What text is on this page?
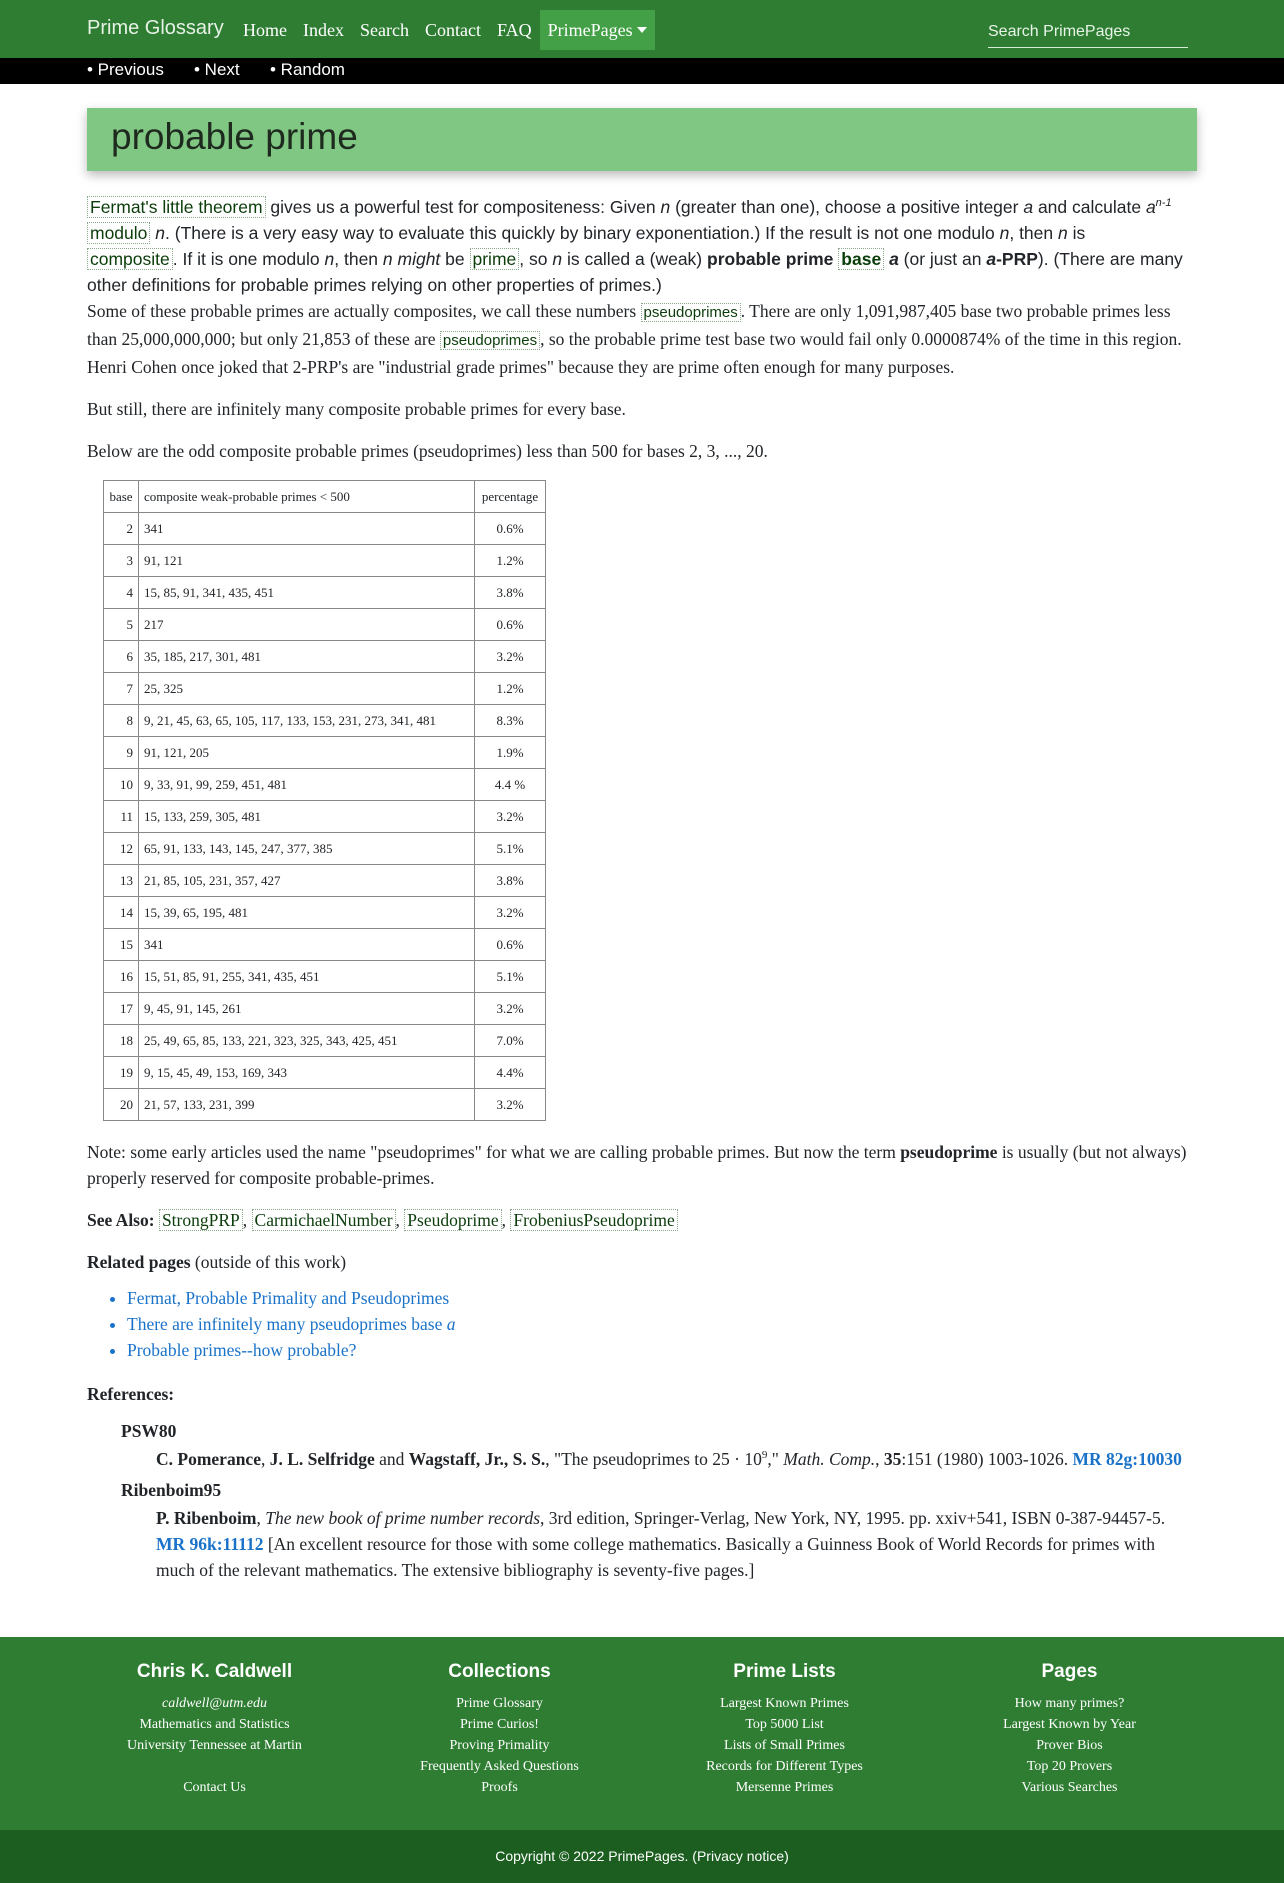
Prime Glossary	Home Index Search Contact FAQ PrimePages
Search PrimePages
• Previous • Next • Random
probable prime

Fermat's little theorem gives us a powerful test for compositeness: Given n (greater than one), choose a positive integer a and calculate $a^{n-1}$
modulo n. (There is a very easy way to evaluate this quickly by binary exponentiation.) If the result is not one modulo n, then n is
composite . If it is one modulo n, then n might be prime , so n is called a (weak) probable prime base a (or just an a-PRP). (There are many other definitions for probable primes relying on other properties of primes.)

Some of these probable primes are actually composites, we call these numbers pseudoprimes . There are only 1,091,987,405 base two probable primes less than 25,000,000,000; but only 21,853 of these are pseudoprimes , so the probable prime test base two would fail only 0.0000874% of the time in this region. Henri Cohen once joked that 2-PRP's are "industrial grade primes" because they are prime often enough for many purposes.

But still, there are infinitely many composite probable primes for every base.

Below are the odd composite probable primes (pseudoprimes) less than 500 for bases 2, 3, ..., 20.

base	composite weak-probable primes < 500	percentage
2	341	0.6%
3	91, 121	1.2%
4	15, 85, 91, 341, 435, 451	3.8%
5	217	0.6%
6	35, 185, 217, 301, 481	3.2%
7	25, 325	1.2%
8	9, 21, 45, 63, 65, 105, 117, 133, 153, 231, 273, 341, 481	8.3%
9	91, 121, 205	1.9%
10	9, 33, 91, 99, 259, 451, 481	4.4 %
11	15, 133, 259, 305, 481	3.2%
12	65, 91, 133, 143, 145, 247, 377, 385	5.1%
13	21, 85, 105, 231, 357, 427	3.8%
14	15, 39, 65, 195, 481	3.2%
15	341	0.6%
16	15, 51, 85, 91, 255, 341, 435, 451	5.1%
17	9, 45, 91, 145, 261	3.2%
18	25, 49, 65, 85, 133, 221, 323, 325, 343, 425, 451	7.0%
19	9, 15, 45, 49, 153, 169, 343	4.4%
20	21, 57, 133, 231, 399	3.2%

Note: some early articles used the name "pseudoprimes" for what we are calling probable primes. But now the term pseudoprime is usually (but not always) properly reserved for composite probable-primes.

See Also: StrongPRP , CarmichaelNumber , Pseudoprime , FrobeniusPseudoprime

Related pages (outside of this work)

• Fermat, Probable Primality and Pseudoprimes
• There are infinitely many pseudoprimes base a
• Probable primes--how probable?

References:

PSW80
C. Pomerance, J. L. Selfridge and Wagstaff, Jr., S. S., "The pseudoprimes to $25 \cdot 10^9$," Math. Comp., 35:151 (1980) 1003-1026. MR 82g:10030
Ribenboim95
P. Ribenboim, The new book of prime number records, 3rd edition, Springer-Verlag, New York, NY, 1995. pp. xxiv+541, ISBN 0-387-94457-5. MR 96k:11112 [An excellent resource for those with some college mathematics. Basically a Guinness Book of World Records for primes with much of the relevant mathematics. The extensive bibliography is seventy-five pages.]
Chris K. Caldwell
caldwell@utm.edu
Mathematics and Statistics
University Tennessee at Martin
Contact Us
Collections
Prime Glossary
Prime Curios!
Proving Primality
Frequently Asked Questions
Proofs
Prime Lists
Largest Known Primes
Top 5000 List
Lists of Small Primes
Records for Different Types
Mersenne Primes
Pages
How many primes?
Largest Known by Year
Prover Bios
Top 20 Provers
Various Searches
Copyright © 2022 PrimePages. (Privacy notice)
